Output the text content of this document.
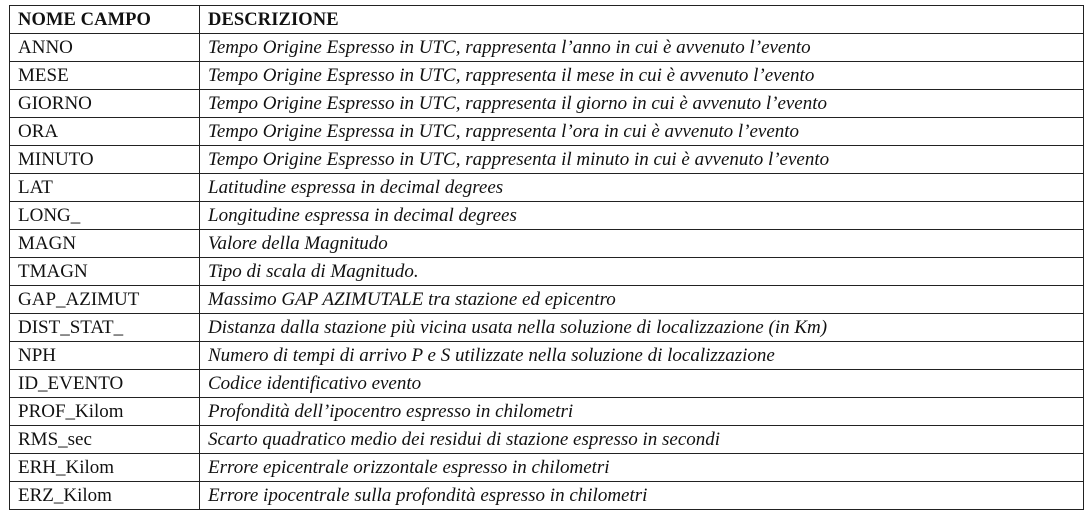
NOME CAMPO	DESCRIZIONE
ANNO	Tempo Origine Espresso in UTC, rappresenta l’anno in cui è avvenuto l’evento
MESE	Tempo Origine Espresso in UTC, rappresenta il mese in cui è avvenuto l’evento
GIORNO	Tempo Origine Espresso in UTC, rappresenta il giorno in cui è avvenuto l’evento
ORA	Tempo Origine Espressa in UTC, rappresenta l’ora in cui è avvenuto l’evento
MINUTO	Tempo Origine Espresso in UTC, rappresenta il minuto in cui è avvenuto l’evento
LAT	Latitudine espressa in decimal degrees
LONG_	Longitudine espressa in decimal degrees
MAGN	Valore della Magnitudo
TMAGN	Tipo di scala di Magnitudo.
GAP_AZIMUT	Massimo GAP AZIMUTALE tra stazione ed epicentro
DIST_STAT_	Distanza dalla stazione più vicina usata nella soluzione di localizzazione (in Km)
NPH	Numero di tempi di arrivo P e S utilizzate nella soluzione di localizzazione
ID_EVENTO	Codice identificativo evento
PROF_Kilom	Profondità dell’ipocentro espresso in chilometri
RMS_sec	Scarto quadratico medio dei residui di stazione espresso in secondi
ERH_Kilom	Errore epicentrale orizzontale espresso in chilometri
ERZ_Kilom	Errore ipocentrale sulla profondità espresso in chilometri
